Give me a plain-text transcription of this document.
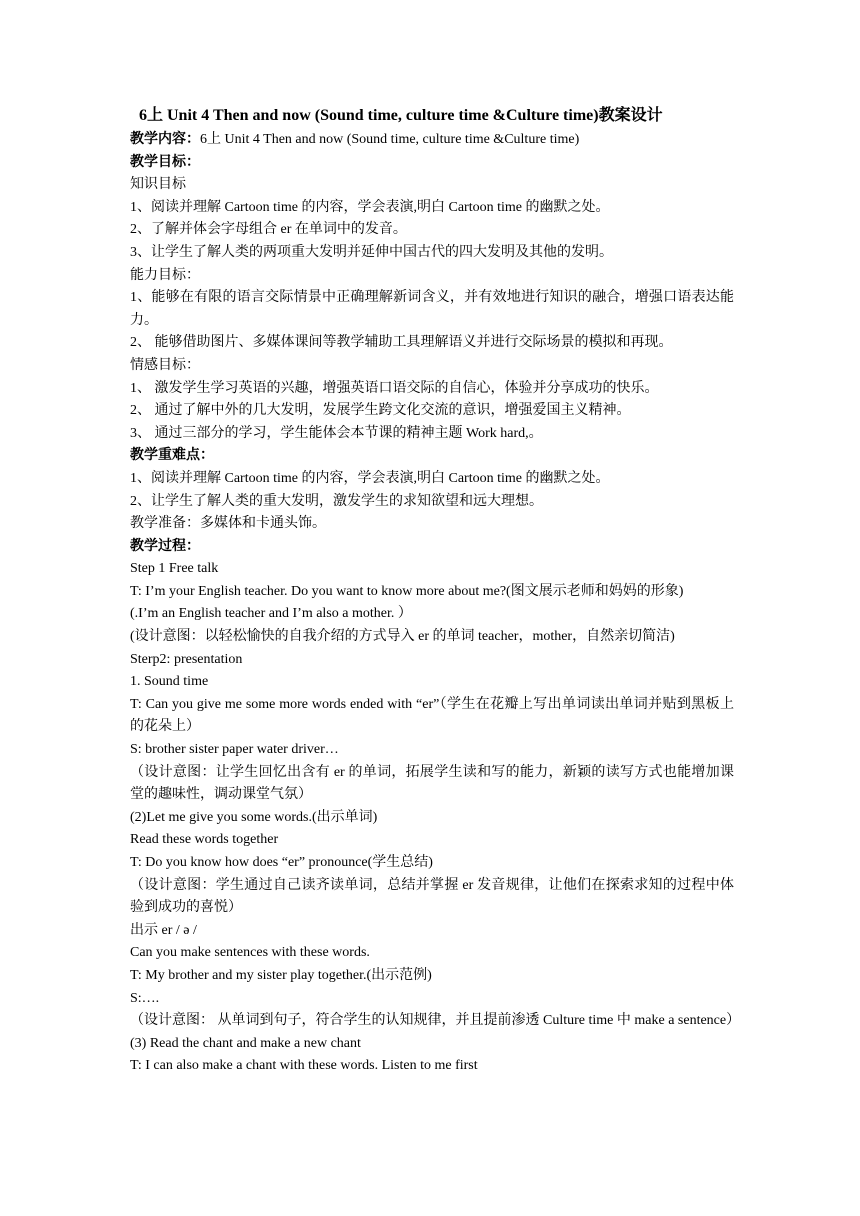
6上 Unit 4 Then and now (Sound time, culture time &Culture time)教案设计
教学内容：6上 Unit 4 Then and now (Sound time, culture time &Culture time)
教学目标：
知识目标
1、阅读并理解 Cartoon time 的内容，学会表演,明白 Cartoon time 的幽默之处。
2、了解并体会字母组合 er 在单词中的发音。
3、让学生了解人类的两项重大发明并延伸中国古代的四大发明及其他的发明。
能力目标：
1、能够在有限的语言交际情景中正确理解新词含义，并有效地进行知识的融合，增强口语表达能力。
2、 能够借助图片、多媒体课间等教学辅助工具理解语义并进行交际场景的模拟和再现。
情感目标：
1、 激发学生学习英语的兴趣，增强英语口语交际的自信心，体验并分享成功的快乐。
2、 通过了解中外的几大发明，发展学生跨文化交流的意识，增强爱国主义精神。
3、 通过三部分的学习，学生能体会本节课的精神主题 Work hard,。
教学重难点：
1、阅读并理解 Cartoon time 的内容，学会表演,明白 Cartoon time 的幽默之处。
2、让学生了解人类的重大发明，激发学生的求知欲望和远大理想。
教学准备：多媒体和卡通头饰。
教学过程：
Step 1 Free talk
T: I’m your English teacher. Do you want to know more about me?(图文展示老师和妈妈的形象)
(.I’m an English teacher and I’m also a mother. ）
(设计意图：以轻松愉快的自我介绍的方式导入 er 的单词 teacher，mother，自然亲切简洁)
Sterp2: presentation
1. Sound time
T: Can you give me some more words ended with “er”（学生在花瓣上写出单词读出单词并贴到黑板上的花朵上）
S: brother sister paper water driver…
（设计意图：让学生回忆出含有 er 的单词，拓展学生读和写的能力，新颖的读写方式也能增加课堂的趣味性，调动课堂气氛）
(2)Let me give you some words.(出示单词)
Read these words together
T: Do you know how does “er” pronounce(学生总结)
（设计意图：学生通过自己读齐读单词，总结并掌握 er 发音规律，让他们在探索求知的过程中体验到成功的喜悦）
出示 er / ə /
Can you make sentences with these words.
T: My brother and my sister play together.(出示范例)
S:….
（设计意图： 从单词到句子，符合学生的认知规律，并且提前渗透 Culture time 中 make a sentence）
(3) Read the chant and make a new chant
T: I can also make a chant with these words. Listen to me first
